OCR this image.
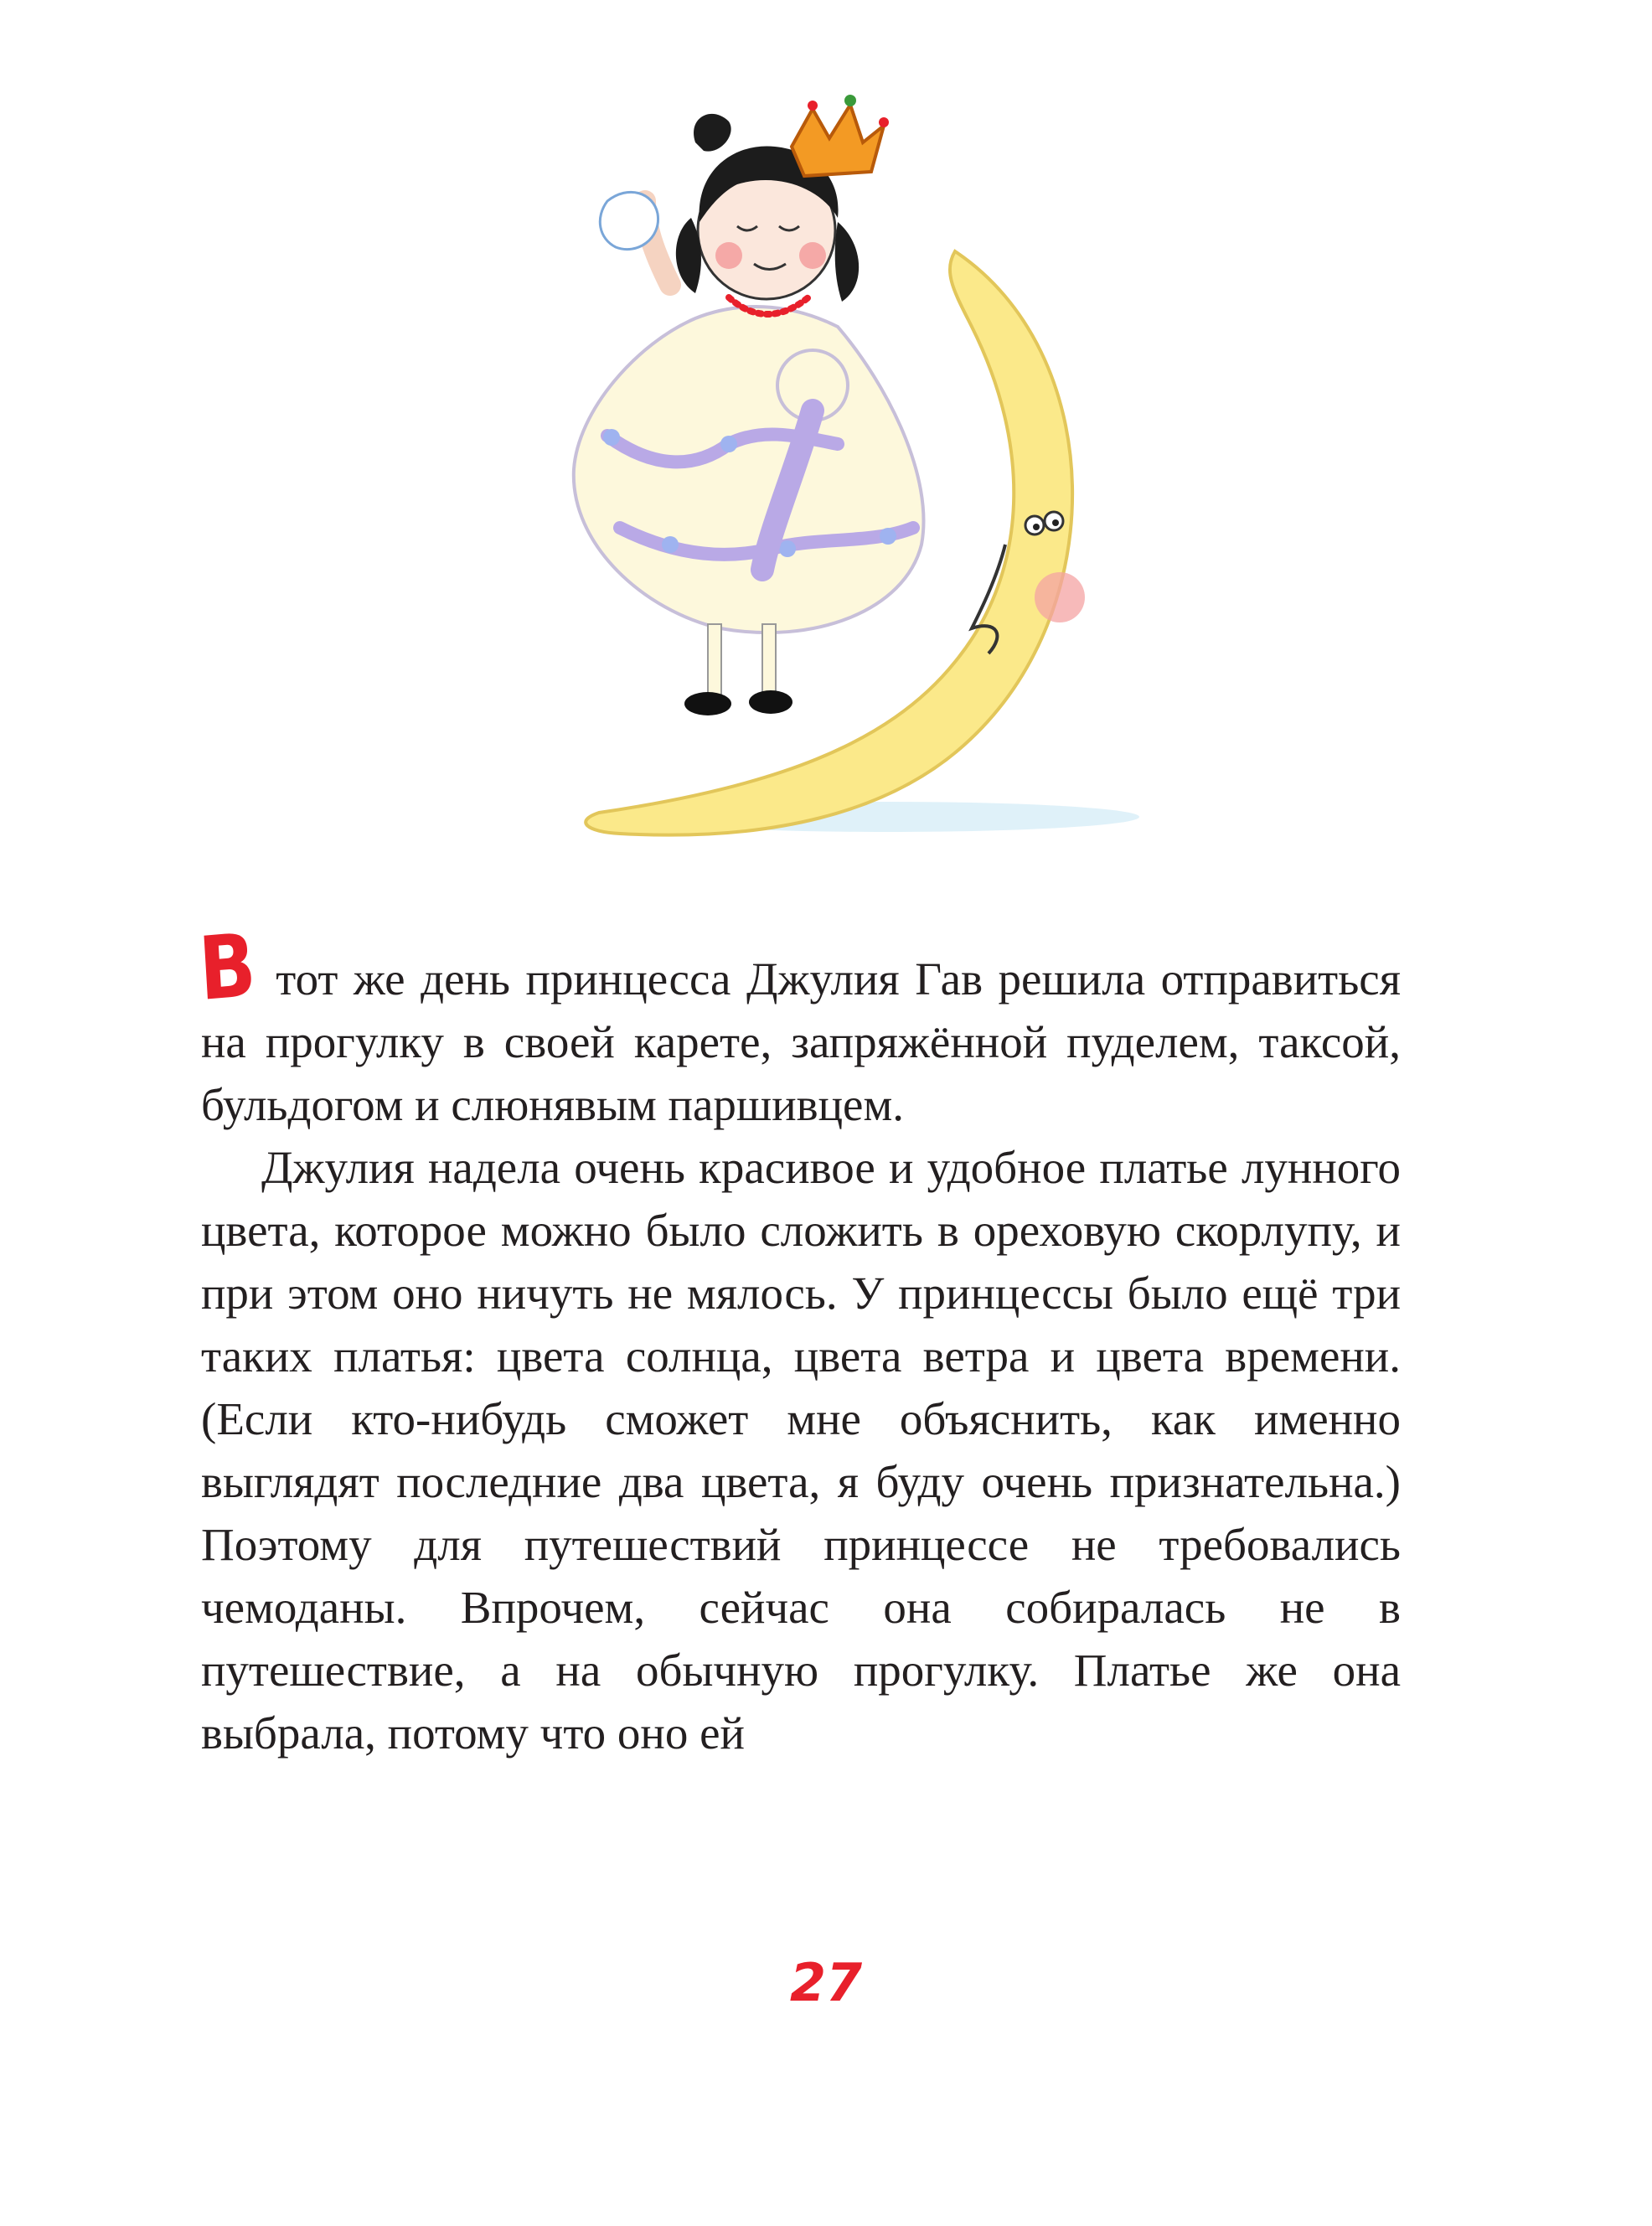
Втот же день принцесса Джулия Гав решила отправиться на прогулку в своей карете, запряжённой пуделем, таксой, бульдогом и слюнявым паршивцем.

Джулия надела очень красивое и удобное платье лунного цвета, которое можно было сложить в ореховую скорлупу, и при этом оно ничуть не мялось. У принцессы было ещё три таких платья: цвета солнца, цвета ветра и цвета времени. (Если кто-нибудь сможет мне объяснить, как именно выглядят последние два цвета, я буду очень признательна.) Поэтому для путешествий принцессе не требовались чемоданы. Впрочем, сейчас она собиралась не в путешествие, а на обычную прогулку. Платье же она выбрала, потому что оно ей

27
